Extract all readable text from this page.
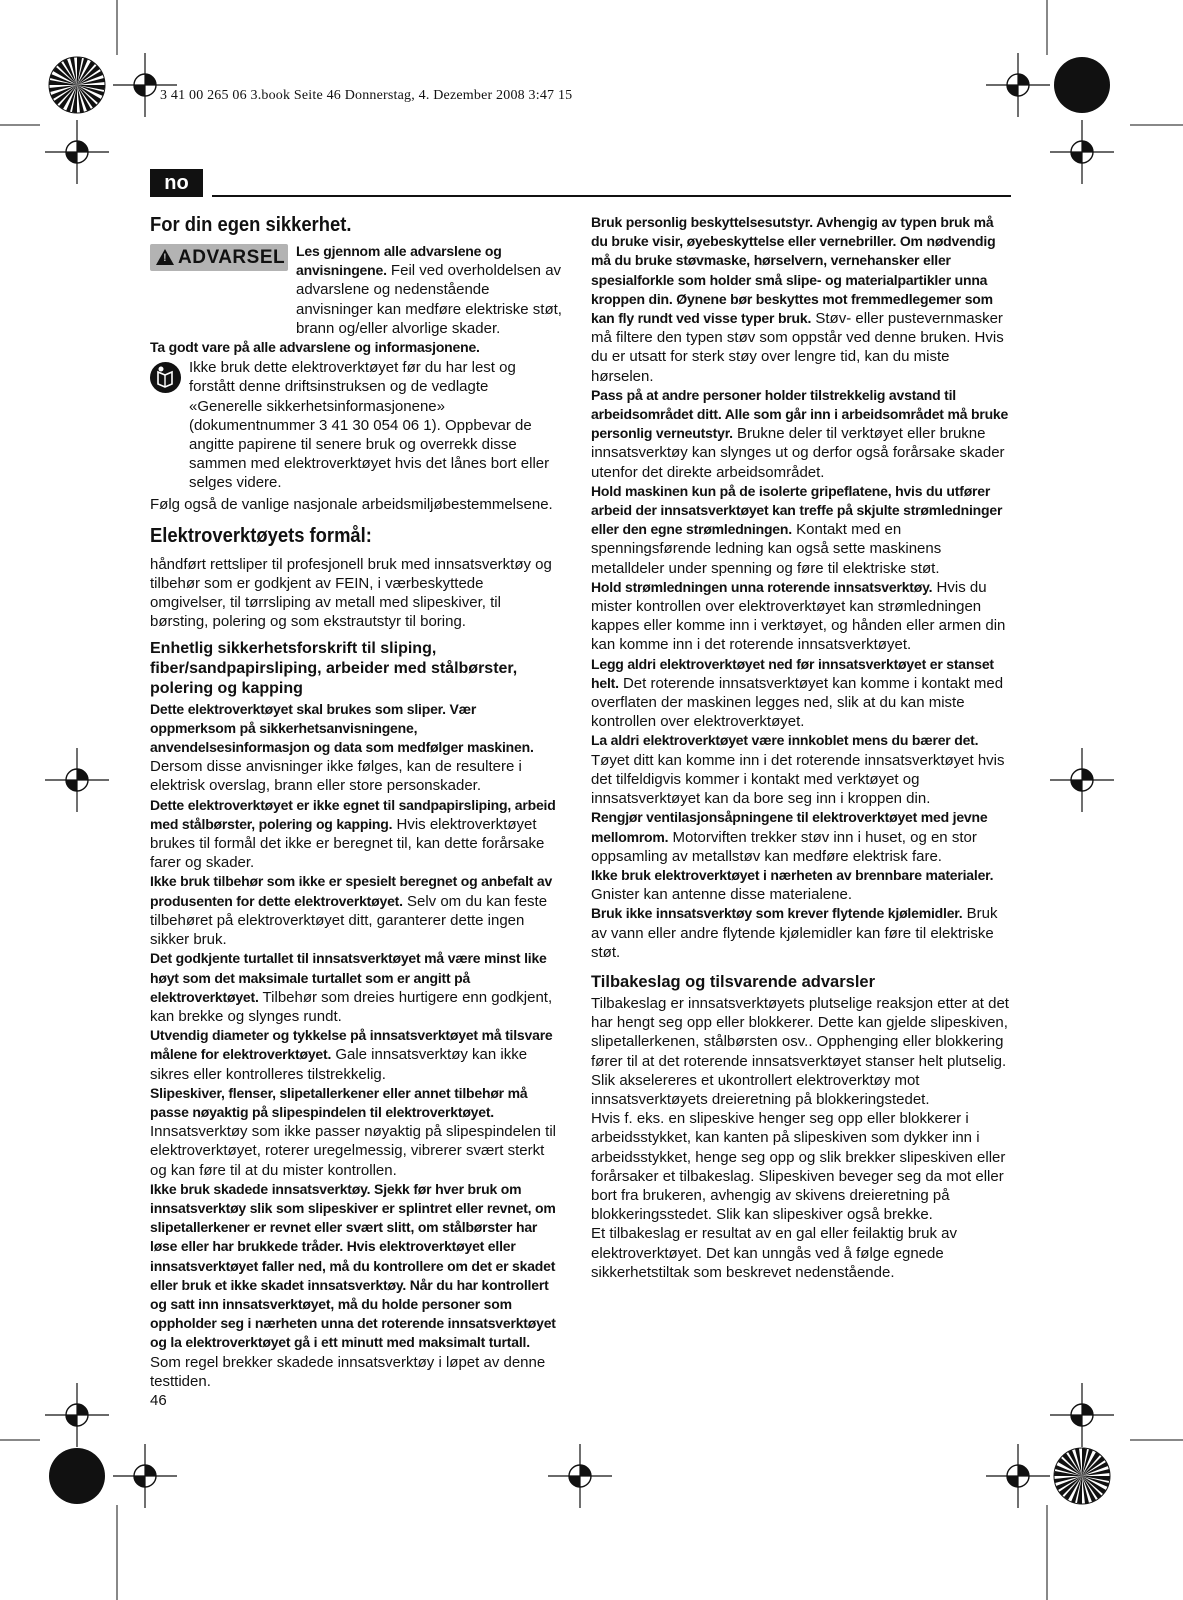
3 41 00 265 06 3.book Seite 46 Donnerstag, 4. Dezember 2008 3:47 15
no
For din egen sikkerhet.
! ADVARSEL Les gjennom alle advarslene og anvisningene. Feil ved overholdelsen av advarslene og nedenstående anvisninger kan medføre elektriske støt, brann og/eller alvorlige skader.

Ta godt vare på alle advarslene og informasjonene.

Ikke bruk dette elektroverktøyet før du har lest og forstått denne driftsinstruksen og de vedlagte «Generelle sikkerhetsinformasjonene» (dokumentnummer 3 41 30 054 06 1). Oppbevar de angitte papirene til senere bruk og overrekk disse sammen med elektroverktøyet hvis det lånes bort eller selges videre.

Følg også de vanlige nasjonale arbeidsmiljøbestemmelsene.

Elektroverktøyets formål:

håndført rettsliper til profesjonell bruk med innsatsverktøy og tilbehør som er godkjent av FEIN, i værbeskyttede omgivelser, til tørrsliping av metall med slipeskiver, til børsting, polering og som ekstrautstyr til boring.

Enhetlig sikkerhetsforskrift til sliping, fiber/sandpapirsliping, arbeider med stålbørster, polering og kapping

Dette elektroverktøyet skal brukes som sliper. Vær oppmerksom på sikkerhetsanvisningene, anvendelsesinformasjon og data som medfølger maskinen. Dersom disse anvisninger ikke følges, kan de resultere i elektrisk overslag, brann eller store personskader.

Dette elektroverktøyet er ikke egnet til sandpapirsliping, arbeid med stålbørster, polering og kapping. Hvis elektroverktøyet brukes til formål det ikke er beregnet til, kan dette forårsake farer og skader.

Ikke bruk tilbehør som ikke er spesielt beregnet og anbefalt av produsenten for dette elektroverktøyet. Selv om du kan feste tilbehøret på elektroverktøyet ditt, garanterer dette ingen sikker bruk.

Det godkjente turtallet til innsatsverktøyet må være minst like høyt som det maksimale turtallet som er angitt på elektroverktøyet. Tilbehør som dreies hurtigere enn godkjent, kan brekke og slynges rundt.

Utvendig diameter og tykkelse på innsatsverktøyet må tilsvare målene for elektroverktøyet. Gale innsatsverktøy kan ikke sikres eller kontrolleres tilstrekkelig.

Slipeskiver, flenser, slipetallerkener eller annet tilbehør må passe nøyaktig på slipespindelen til elektroverktøyet. Innsatsverktøy som ikke passer nøyaktig på slipespindelen til elektroverktøyet, roterer uregelmessig, vibrerer svært sterkt og kan føre til at du mister kontrollen.

Ikke bruk skadede innsatsverktøy. Sjekk før hver bruk om innsatsverktøy slik som slipeskiver er splintret eller revnet, om slipetallerkener er revnet eller svært slitt, om stålbørster har løse eller har brukkede tråder. Hvis elektroverktøyet eller innsatsverktøyet faller ned, må du kontrollere om det er skadet eller bruk et ikke skadet innsatsverktøy. Når du har kontrollert og satt inn innsatsverktøyet, må du holde personer som oppholder seg i nærheten unna det roterende innsatsverktøyet og la elektroverktøyet gå i ett minutt med maksimalt turtall. Som regel brekker skadede innsatsverktøy i løpet av denne testtiden.

Bruk personlig beskyttelsesutstyr. Avhengig av typen bruk må du bruke visir, øyebeskyttelse eller vernebriller. Om nødvendig må du bruke støvmaske, hørselvern, vernehansker eller spesialforkle som holder små slipe- og materialpartikler unna kroppen din. Øynene bør beskyttes mot fremmedlegemer som kan fly rundt ved visse typer bruk. Støv- eller pustevernmasker må filtere den typen støv som oppstår ved denne bruken. Hvis du er utsatt for sterk støy over lengre tid, kan du miste hørselen.

Pass på at andre personer holder tilstrekkelig avstand til arbeidsområdet ditt. Alle som går inn i arbeidsområdet må bruke personlig verneutstyr. Brukne deler til verktøyet eller brukne innsatsverktøy kan slynges ut og derfor også forårsake skader utenfor det direkte arbeidsområdet.

Hold maskinen kun på de isolerte gripeflatene, hvis du utfører arbeid der innsatsverktøyet kan treffe på skjulte strømledninger eller den egne strømledningen. Kontakt med en spenningsførende ledning kan også sette maskinens metalldeler under spenning og føre til elektriske støt.

Hold strømledningen unna roterende innsatsverktøy. Hvis du mister kontrollen over elektroverktøyet kan strømledningen kappes eller komme inn i verktøyet, og hånden eller armen din kan komme inn i det roterende innsatsverktøyet.

Legg aldri elektroverktøyet ned før innsatsverktøyet er stanset helt. Det roterende innsatsverktøyet kan komme i kontakt med overflaten der maskinen legges ned, slik at du kan miste kontrollen over elektroverktøyet.

La aldri elektroverktøyet være innkoblet mens du bærer det. Tøyet ditt kan komme inn i det roterende innsatsverktøyet hvis det tilfeldigvis kommer i kontakt med verktøyet og innsatsverktøyet kan da bore seg inn i kroppen din.

Rengjør ventilasjonsåpningene til elektroverktøyet med jevne mellomrom. Motorviften trekker støv inn i huset, og en stor oppsamling av metallstøv kan medføre elektrisk fare.

Ikke bruk elektroverktøyet i nærheten av brennbare materialer. Gnister kan antenne disse materialene.

Bruk ikke innsatsverktøy som krever flytende kjølemidler. Bruk av vann eller andre flytende kjølemidler kan føre til elektriske støt.

Tilbakeslag og tilsvarende advarsler

Tilbakeslag er innsatsverktøyets plutselige reaksjon etter at det har hengt seg opp eller blokkerer. Dette kan gjelde slipeskiven, slipetallerkenen, stålbørsten osv.. Opphenging eller blokkering fører til at det roterende innsatsverktøyet stanser helt plutselig. Slik akselereres et ukontrollert elektroverktøy mot innsatsverktøyets dreieretning på blokkeringstedet.

Hvis f. eks. en slipeskive henger seg opp eller blokkerer i arbeidsstykket, kan kanten på slipeskiven som dykker inn i arbeidsstykket, henge seg opp og slik brekker slipeskiven eller forårsaker et tilbakeslag. Slipeskiven beveger seg da mot eller bort fra brukeren, avhengig av skivens dreieretning på blokkeringsstedet. Slik kan slipeskiver også brekke.

Et tilbakeslag er resultat av en gal eller feilaktig bruk av elektroverktøyet. Det kan unngås ved å følge egnede sikkerhetstiltak som beskrevet nedenstående.

46
